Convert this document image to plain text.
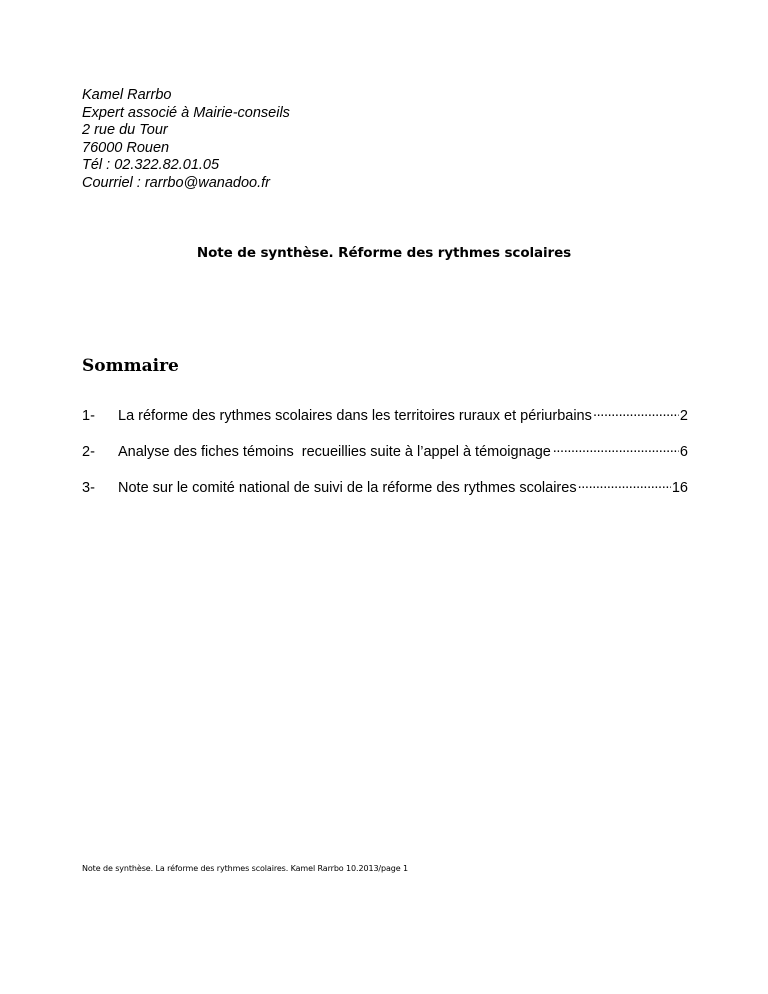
Kamel Rarrbo
Expert associé à Mairie-conseils
2 rue du Tour
76000 Rouen
Tél : 02.322.82.01.05
Courriel : rarrbo@wanadoo.fr
Note de synthèse. Réforme des rythmes scolaires
Sommaire
1-	La réforme des rythmes scolaires dans les territoires ruraux et périurbains . . .	2
2-	Analyse des fiches témoins  recueillies suite à l’appel à témoignage . . .	6
3-	Note sur le comité national de suivi de la réforme des rythmes scolaires . . .	16
Note de synthèse. La réforme des rythmes scolaires. Kamel Rarrbo 10.2013/page 1
